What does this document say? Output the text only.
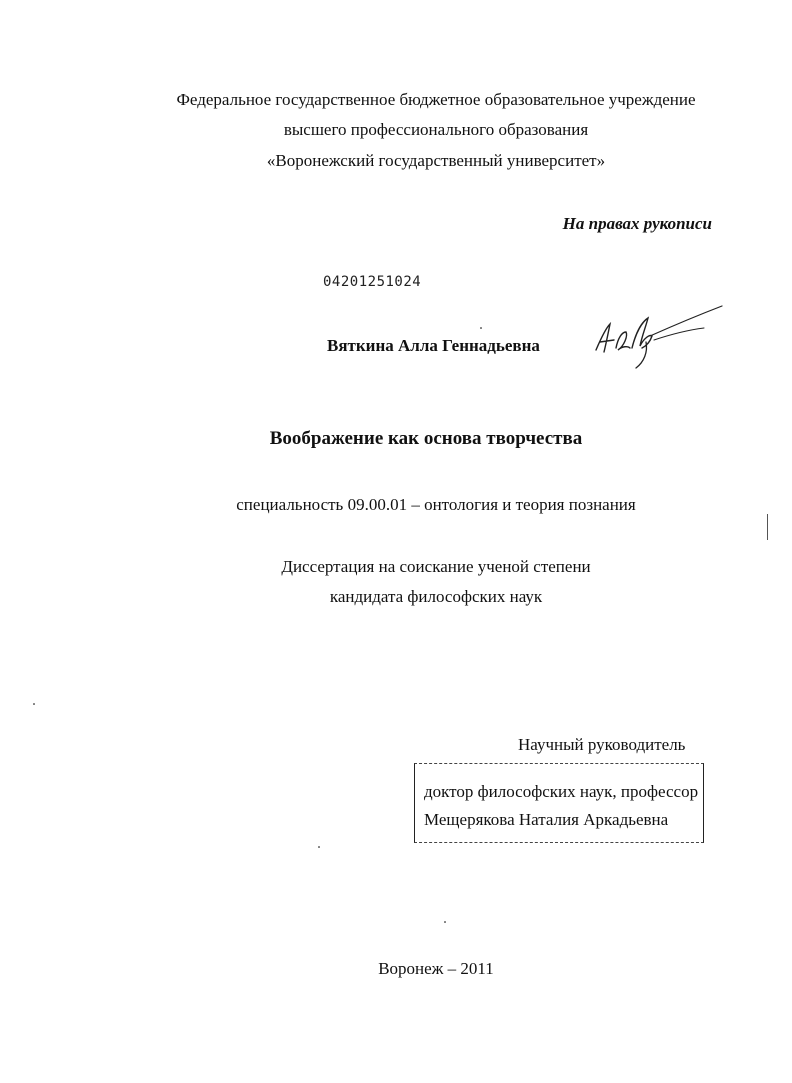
Федеральное государственное бюджетное образовательное учреждение
высшего профессионального образования
«Воронежский государственный университет»
На правах рукописи
04201251024
Вяткина Алла Геннадьевна
Воображение как основа творчества
специальность 09.00.01 – онтология и теория познания
Диссертация на соискание ученой степени
кандидата философских наук
Научный руководитель
доктор философских наук, профессор
Мещерякова Наталия Аркадьевна
Воронеж – 2011
